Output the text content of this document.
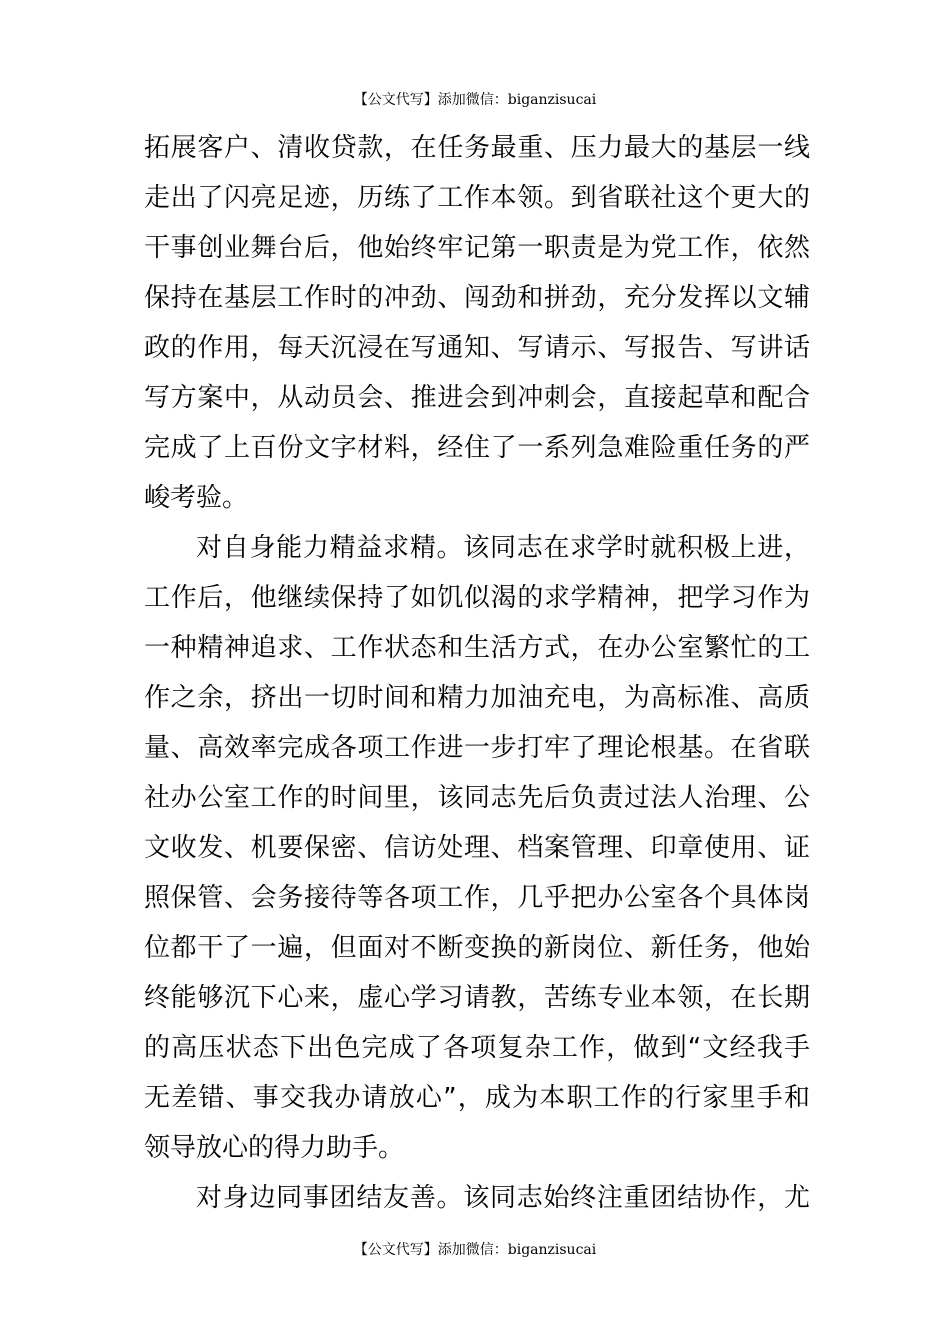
【公文代写】添加微信：biganzisucai
拓展客户、清收贷款，在任务最重、压力最大的基层一线
走出了闪亮足迹，历练了工作本领。到省联社这个更大的
干事创业舞台后，他始终牢记第一职责是为党工作，依然
保持在基层工作时的冲劲、闯劲和拼劲，充分发挥以文辅
政的作用，每天沉浸在写通知、写请示、写报告、写讲话
写方案中，从动员会、推进会到冲刺会，直接起草和配合
完成了上百份文字材料，经住了一系列急难险重任务的严
峻考验。
对自身能力精益求精。该同志在求学时就积极上进，
工作后，他继续保持了如饥似渴的求学精神，把学习作为
一种精神追求、工作状态和生活方式，在办公室繁忙的工
作之余，挤出一切时间和精力加油充电，为高标准、高质
量、高效率完成各项工作进一步打牢了理论根基。在省联
社办公室工作的时间里，该同志先后负责过法人治理、公
文收发、机要保密、信访处理、档案管理、印章使用、证
照保管、会务接待等各项工作，几乎把办公室各个具体岗
位都干了一遍，但面对不断变换的新岗位、新任务，他始
终能够沉下心来，虚心学习请教，苦练专业本领，在长期
的高压状态下出色完成了各项复杂工作，做到“文经我手
无差错、事交我办请放心”，成为本职工作的行家里手和
领导放心的得力助手。
对身边同事团结友善。该同志始终注重团结协作，尤
【公文代写】添加微信：biganzisucai
